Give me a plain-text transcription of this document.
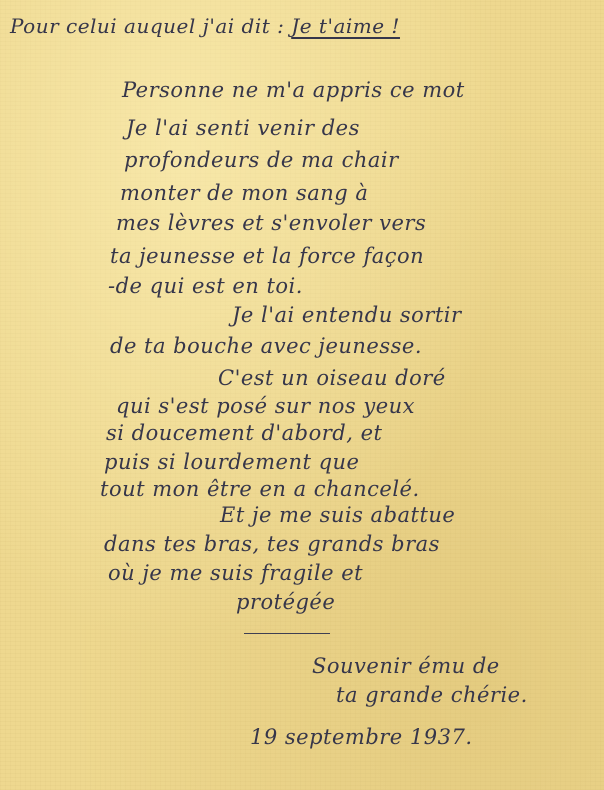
Pour celui auquel j'ai dit : Je t'aime !
Personne ne m'a appris ce mot
Je l'ai senti venir des
profondeurs de ma chair
monter de mon sang à
mes lèvres et s'envoler vers
ta jeunesse et la force façon
-de qui est en toi.
Je l'ai entendu sortir
de ta bouche avec jeunesse.
C'est un oiseau doré
qui s'est posé sur nos yeux
si doucement d'abord, et
puis si lourdement que
tout mon être en a chancelé.
Et je me suis abattue
dans tes bras, tes grands bras
où je me suis fragile et
protégée
Souvenir ému de
ta grande chérie.
19 septembre 1937.
